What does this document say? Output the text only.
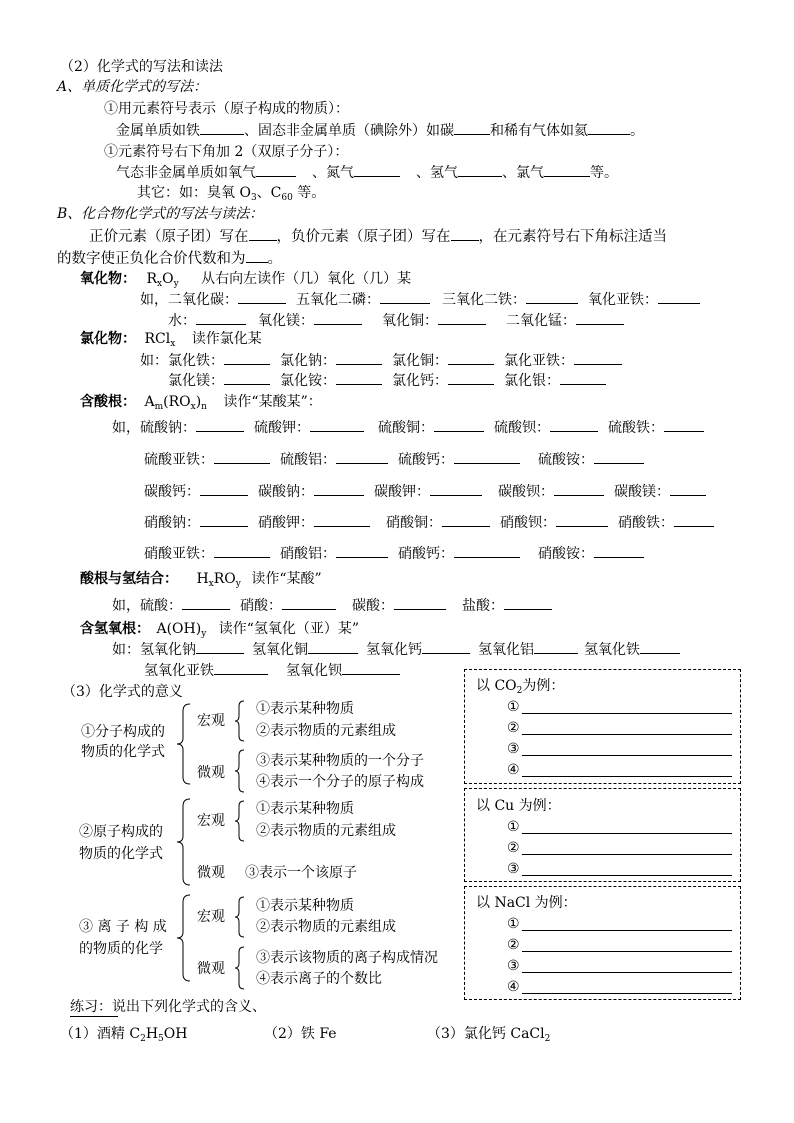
（2）化学式的写法和读法
A、单质化学式的写法：
①用元素符号表示（原子构成的物质）：
金属单质如铁	、固态非金属单质（碘除外）如碳	和稀有气体如氦	。
①元素符号右下角加 2（双原子分子）：
气态非金属单质如氧气	、氮气	、氢气	、氯气	等。
其它：如：臭氧 $O_3$、$C_{60}$ 等。
B、化合物化学式的写法与读法：
正价元素（原子团）写在 ，负价元素（原子团）写在 ，在元素符号右下角标注适当
的数字使正负化合价代数和为 。
氧化物： $R_xO_y$ 从右向左读作（几）氧化（几）某
如，二氧化碳：	五氧化二磷：	三氧化二铁：	氧化亚铁：
水：	氧化镁：	氧化铜：	二氧化锰：
氯化物： RCl$_x$ 读作氯化某
如：氯化铁：	氯化钠：	氯化铜：	氯化亚铁：
氯化镁：	氯化铵：	氯化钙：	氯化银：
含酸根： $A_m(RO_x)_n$ 读作“某酸某”：
如，硫酸钠：	硫酸钾：	硫酸铜：	硫酸钡：	硫酸铁：
硫酸亚铁：	硫酸铝：	硫酸钙：	硫酸铵：
碳酸钙：	碳酸钠：	碳酸钾：	碳酸钡：	碳酸镁：
硝酸钠：	硝酸钾：	硝酸铜：	硝酸钡：	硝酸铁：
硝酸亚铁：	硝酸铝：	硝酸钙：	硝酸铵：
酸根与氢结合： $H_xRO_y$ 读作“某酸”
如，硫酸：	硝酸：	碳酸：	盐酸：
含氢氧根： $A(OH)_y$ 读作“氢氧化（亚）某”
如：氢氧化钠	氢氧化铜	氢氧化钙	氢氧化铝	氢氧化铁
氢氧化亚铁	氢氧化钡
（3）化学式的意义
①分子构成的
物质的化学式
宏观
①表示某种物质
②表示物质的元素组成
微观
③表示某种物质的一个分子
④表示一个分子的原子构成
②原子构成的
物质的化学式
宏观
①表示某种物质
②表示物质的元素组成
微观 ③表示一个该原子
③ 离 子 构 成
的物质的化学
宏观
①表示某种物质
②表示物质的元素组成
微观
③表示该物质的离子构成情况
④表示离子的个数比
以 $CO_2$为例：
①
②
③
④
以 Cu 为例：
①
②
③
以 NaCl 为例：
①
②
③
④
练习：说出下列化学式的含义、
（1）酒精 $C_2H_5OH$	（2）铁 Fe	（3）氯化钙 CaCl$_2$
